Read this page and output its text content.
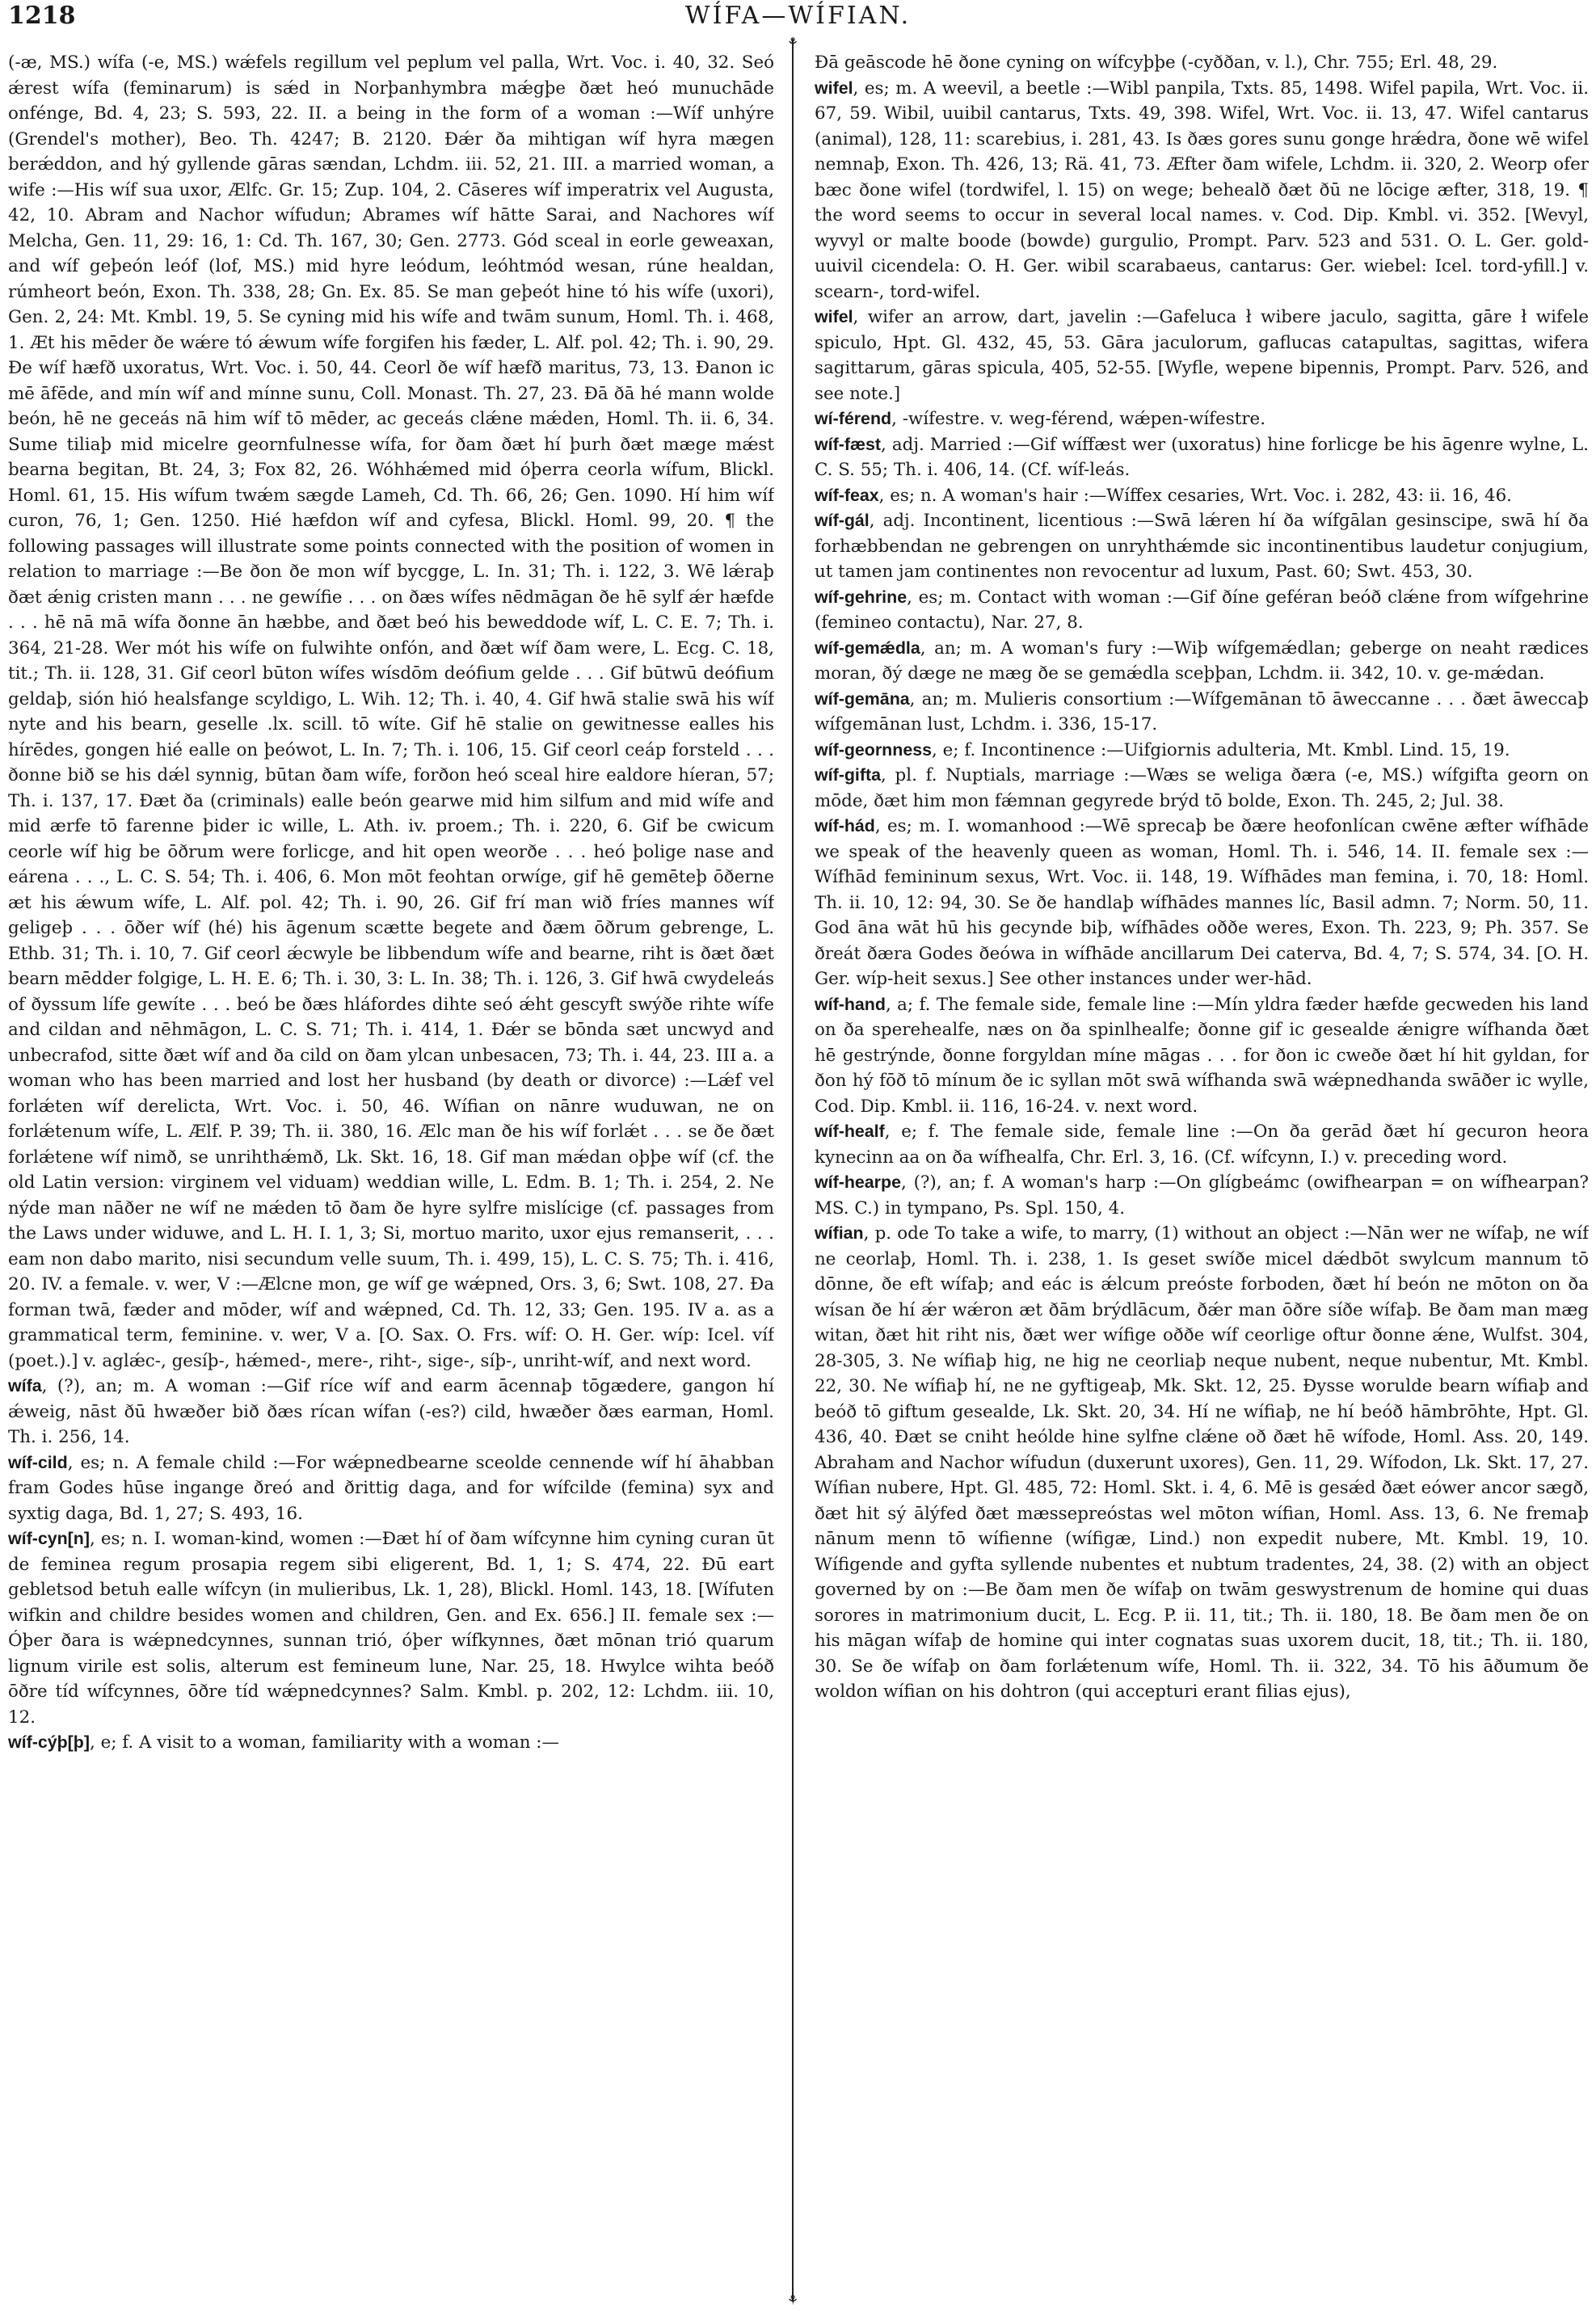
1218	WÍFA—WÍFIAN.
⚘
⚘

(-æ, MS.) wífa (-e, MS.) wǽfels regillum vel peplum vel palla, Wrt. Voc. i. 40, 32. Seó ǽrest wífa (feminarum) is sǽd in Norþanhymbra mǽgþe ðæt heó munuchāde onfénge, Bd. 4, 23; S. 593, 22. II. a being in the form of a woman :—Wíf unhýre (Grendel's mother), Beo. Th. 4247; B. 2120. Ðǽr ða mihtigan wíf hyra mægen berǽddon, and hý gyllende gāras sændan, Lchdm. iii. 52, 21. III. a married woman, a wife :—His wíf sua uxor, Ælfc. Gr. 15; Zup. 104, 2. Cāseres wíf imperatrix vel Augusta, 42, 10. Abram and Nachor wífudun; Abrames wíf hātte Sarai, and Nachores wíf Melcha, Gen. 11, 29: 16, 1: Cd. Th. 167, 30; Gen. 2773. Gód sceal in eorle geweaxan, and wíf geþeón leóf (lof, MS.) mid hyre leódum, leóhtmód wesan, rúne healdan, rúmheort beón, Exon. Th. 338, 28; Gn. Ex. 85. Se man geþeót hine tó his wífe (uxori), Gen. 2, 24: Mt. Kmbl. 19, 5. Se cyning mid his wífe and twām sunum, Homl. Th. i. 468, 1. Æt his mēder ðe wǽre tó ǽwum wífe forgifen his fæder, L. Alf. pol. 42; Th. i. 90, 29. Ðe wíf hæfð uxoratus, Wrt. Voc. i. 50, 44. Ceorl ðe wíf hæfð maritus, 73, 13. Ðanon ic mē āfēde, and mín wíf and mínne sunu, Coll. Monast. Th. 27, 23. Ðā ðā hé mann wolde beón, hē ne geceás nā him wíf tō mēder, ac geceás clǽne mǽden, Homl. Th. ii. 6, 34. Sume tiliaþ mid micelre geornfulnesse wífa, for ðam ðæt hí þurh ðæt mæge mǽst bearna begitan, Bt. 24, 3; Fox 82, 26. Wóhhǽmed mid óþerra ceorla wífum, Blickl. Homl. 61, 15. His wífum twǽm sægde Lameh, Cd. Th. 66, 26; Gen. 1090. Hí him wíf curon, 76, 1; Gen. 1250. Hié hæfdon wíf and cyfesa, Blickl. Homl. 99, 20. ¶ the following passages will illustrate some points connected with the position of women in relation to marriage :—Be ðon ðe mon wíf bycgge, L. In. 31; Th. i. 122, 3. Wē lǽraþ ðæt ǽnig cristen mann . . . ne gewífie . . . on ðæs wífes nēdmāgan ðe hē sylf ǽr hæfde . . . hē nā mā wífa ðonne ān hæbbe, and ðæt beó his beweddode wíf, L. C. E. 7; Th. i. 364, 21-28. Wer mót his wífe on fulwihte onfón, and ðæt wíf ðam were, L. Ecg. C. 18, tit.; Th. ii. 128, 31. Gif ceorl būton wífes wísdōm deófium gelde . . . Gif būtwū deófium geldaþ, sión hió healsfange scyldigo, L. Wih. 12; Th. i. 40, 4. Gif hwā stalie swā his wíf nyte and his bearn, geselle .lx. scill. tō wíte. Gif hē stalie on gewitnesse ealles his hírēdes, gongen hié ealle on þeówot, L. In. 7; Th. i. 106, 15. Gif ceorl ceáp forsteld . . . ðonne bið se his dǽl synnig, būtan ðam wífe, forðon heó sceal hire ealdore híeran, 57; Th. i. 137, 17. Ðæt ða (criminals) ealle beón gearwe mid him silfum and mid wífe and mid ærfe tō farenne þider ic wille, L. Ath. iv. proem.; Th. i. 220, 6. Gif be cwicum ceorle wíf hig be ōðrum were forlicge, and hit open weorðe . . . heó þolige nase and eárena . . ., L. C. S. 54; Th. i. 406, 6. Mon mōt feohtan orwíge, gif hē gemēteþ ōðerne æt his ǽwum wífe, L. Alf. pol. 42; Th. i. 90, 26. Gif frí man wið fríes mannes wíf geligeþ . . . ōðer wíf (hé) his āgenum scætte begete and ðæm ōðrum gebrenge, L. Ethb. 31; Th. i. 10, 7. Gif ceorl ǽcwyle be libbendum wífe and bearne, riht is ðæt ðæt bearn mēdder folgige, L. H. E. 6; Th. i. 30, 3: L. In. 38; Th. i. 126, 3. Gif hwā cwydeleás of ðyssum lífe gewíte . . . beó be ðæs hláfordes dihte seó ǽht gescyft swýðe rihte wífe and cildan and nēhmāgon, L. C. S. 71; Th. i. 414, 1. Ðǽr se bōnda sæt uncwyd and unbecrafod, sitte ðæt wíf and ða cild on ðam ylcan unbesacen, 73; Th. i. 44, 23. III a. a woman who has been married and lost her husband (by death or divorce) :—Lǽf vel forlǽten wíf derelicta, Wrt. Voc. i. 50, 46. Wífian on nānre wuduwan, ne on forlǽtenum wífe, L. Ælf. P. 39; Th. ii. 380, 16. Ælc man ðe his wíf forlǽt . . . se ðe ðæt forlǽtene wíf nimð, se unrihthǽmð, Lk. Skt. 16, 18. Gif man mǽdan oþþe wíf (cf. the old Latin version: virginem vel viduam) weddian wille, L. Edm. B. 1; Th. i. 254, 2. Ne nýde man nāðer ne wíf ne mǽden tō ðam ðe hyre sylfre mislícige (cf. passages from the Laws under widuwe, and L. H. I. 1, 3; Si, mortuo marito, uxor ejus remanserit, . . . eam non dabo marito, nisi secundum velle suum, Th. i. 499, 15), L. C. S. 75; Th. i. 416, 20. IV. a female. v. wer, V :—Ælcne mon, ge wíf ge wǽpned, Ors. 3, 6; Swt. 108, 27. Ða forman twā, fæder and mōder, wíf and wǽpned, Cd. Th. 12, 33; Gen. 195. IV a. as a grammatical term, feminine. v. wer, V a. [O. Sax. O. Frs. wíf: O. H. Ger. wíp: Icel. víf (poet.).] v. aglǽc-, gesíþ-, hǽmed-, mere-, riht-, sige-, síþ-, unriht-wíf, and next word.

wífa, (?), an; m. A woman :—Gif ríce wíf and earm ācennaþ tōgædere, gangon hí ǽweig, nāst ðū hwæðer bið ðæs rícan wífan (-es?) cild, hwæðer ðæs earman, Homl. Th. i. 256, 14.

wíf-cild, es; n. A female child :—For wǽpnedbearne sceolde cennende wíf hí āhabban fram Godes hūse ingange ðreó and ðrittig daga, and for wífcilde (femina) syx and syxtig daga, Bd. 1, 27; S. 493, 16.

wíf-cyn[n], es; n. I. woman-kind, women :—Ðæt hí of ðam wífcynne him cyning curan ūt de feminea regum prosapia regem sibi eligerent, Bd. 1, 1; S. 474, 22. Ðū eart gebletsod betuh ealle wífcyn (in mulieribus, Lk. 1, 28), Blickl. Homl. 143, 18. [Wífuten wifkin and childre besides women and children, Gen. and Ex. 656.] II. female sex :—Óþer ðara is wǽpnedcynnes, sunnan trió, óþer wífkynnes, ðæt mōnan trió quarum lignum virile est solis, alterum est femineum lune, Nar. 25, 18. Hwylce wihta beóð ōðre tíd wífcynnes, ōðre tíd wǽpnedcynnes? Salm. Kmbl. p. 202, 12: Lchdm. iii. 10, 12.

wíf-cýþ[þ], e; f. A visit to a woman, familiarity with a woman :—

Ðā geāscode hē ðone cyning on wífcyþþe (-cyððan, v. l.), Chr. 755; Erl. 48, 29.

wifel, es; m. A weevil, a beetle :—Wibl panpila, Txts. 85, 1498. Wifel papila, Wrt. Voc. ii. 67, 59. Wibil, uuibil cantarus, Txts. 49, 398. Wifel, Wrt. Voc. ii. 13, 47. Wifel cantarus (animal), 128, 11: scarebius, i. 281, 43. Is ðæs gores sunu gonge hrǽdra, ðone wē wifel nemnaþ, Exon. Th. 426, 13; Rä. 41, 73. Æfter ðam wifele, Lchdm. ii. 320, 2. Weorp ofer bæc ðone wifel (tordwifel, l. 15) on wege; behealð ðæt ðū ne lōcige æfter, 318, 19. ¶ the word seems to occur in several local names. v. Cod. Dip. Kmbl. vi. 352. [Wevyl, wyvyl or malte boode (bowde) gurgulio, Prompt. Parv. 523 and 531. O. L. Ger. gold-uuivil cicendela: O. H. Ger. wibil scarabaeus, cantarus: Ger. wiebel: Icel. tord-yfill.] v. scearn-, tord-wifel.

wifel, wifer an arrow, dart, javelin :—Gafeluca ł wibere jaculo, sagitta, gāre ł wifele spiculo, Hpt. Gl. 432, 45, 53. Gāra jaculorum, gaflucas catapultas, sagittas, wifera sagittarum, gāras spicula, 405, 52-55. [Wyfle, wepene bipennis, Prompt. Parv. 526, and see note.]

wí-férend, -wífestre. v. weg-férend, wǽpen-wífestre.

wíf-fæst, adj. Married :—Gif wíffæst wer (uxoratus) hine forlicge be his āgenre wylne, L. C. S. 55; Th. i. 406, 14. (Cf. wíf-leás.

wíf-feax, es; n. A woman's hair :—Wíffex cesaries, Wrt. Voc. i. 282, 43: ii. 16, 46.

wíf-gál, adj. Incontinent, licentious :—Swā lǽren hí ða wífgālan gesinscipe, swā hí ða forhæbbendan ne gebrengen on unryhthǽmde sic incontinentibus laudetur conjugium, ut tamen jam continentes non revocentur ad luxum, Past. 60; Swt. 453, 30.

wíf-gehrine, es; m. Contact with woman :—Gif ðíne geféran beóð clǽne from wífgehrine (femineo contactu), Nar. 27, 8.

wíf-gemǽdla, an; m. A woman's fury :—Wiþ wífgemǽdlan; geberge on neaht rædices moran, ðý dæge ne mæg ðe se gemǽdla sceþþan, Lchdm. ii. 342, 10. v. ge-mǽdan.

wíf-gemāna, an; m. Mulieris consortium :—Wífgemānan tō āweccanne . . . ðæt āweccaþ wífgemānan lust, Lchdm. i. 336, 15-17.

wíf-geornness, e; f. Incontinence :—Uifgiornis adulteria, Mt. Kmbl. Lind. 15, 19.

wíf-gifta, pl. f. Nuptials, marriage :—Wæs se weliga ðæra (-e, MS.) wífgifta georn on mōde, ðæt him mon fǽmnan gegyrede brýd tō bolde, Exon. Th. 245, 2; Jul. 38.

wíf-hád, es; m. I. womanhood :—Wē sprecaþ be ðære heofonlícan cwēne æfter wífhāde we speak of the heavenly queen as woman, Homl. Th. i. 546, 14. II. female sex :—Wífhād femininum sexus, Wrt. Voc. ii. 148, 19. Wífhādes man femina, i. 70, 18: Homl. Th. ii. 10, 12: 94, 30. Se ðe handlaþ wífhādes mannes líc, Basil admn. 7; Norm. 50, 11. God āna wāt hū his gecynde biþ, wífhādes oððe weres, Exon. Th. 223, 9; Ph. 357. Se ðreát ðæra Godes ðeówa in wífhāde ancillarum Dei caterva, Bd. 4, 7; S. 574, 34. [O. H. Ger. wíp-heit sexus.] See other instances under wer-hād.

wíf-hand, a; f. The female side, female line :—Mín yldra fæder hæfde gecweden his land on ða sperehealfe, næs on ða spinlhealfe; ðonne gif ic gesealde ǽnigre wífhanda ðæt hē gestrýnde, ðonne forgyldan míne māgas . . . for ðon ic cweðe ðæt hí hit gyldan, for ðon hý fōð tō mínum ðe ic syllan mōt swā wífhanda swā wǽpnedhanda swāðer ic wylle, Cod. Dip. Kmbl. ii. 116, 16-24. v. next word.

wíf-healf, e; f. The female side, female line :—On ða gerād ðæt hí gecuron heora kynecinn aa on ða wífhealfa, Chr. Erl. 3, 16. (Cf. wífcynn, I.) v. preceding word.

wíf-hearpe, (?), an; f. A woman's harp :—On glígbeámc (owifhearpan = on wífhearpan? MS. C.) in tympano, Ps. Spl. 150, 4.

wífian, p. ode To take a wife, to marry, (1) without an object :—Nān wer ne wífaþ, ne wíf ne ceorlaþ, Homl. Th. i. 238, 1. Is geset swíðe micel dǽdbōt swylcum mannum tō dōnne, ðe eft wífaþ; and eác is ǽlcum preóste forboden, ðæt hí beón ne mōton on ða wísan ðe hí ǽr wǽron æt ðām brýdlācum, ðǽr man ōðre síðe wífaþ. Be ðam man mæg witan, ðæt hit riht nis, ðæt wer wífige oððe wíf ceorlige oftur ðonne ǽne, Wulfst. 304, 28-305, 3. Ne wífiaþ hig, ne hig ne ceorliaþ neque nubent, neque nubentur, Mt. Kmbl. 22, 30. Ne wífiaþ hí, ne ne gyftigeaþ, Mk. Skt. 12, 25. Ðysse worulde bearn wífiaþ and beóð tō giftum gesealde, Lk. Skt. 20, 34. Hí ne wífiaþ, ne hí beóð hāmbrōhte, Hpt. Gl. 436, 40. Ðæt se cniht heólde hine sylfne clǽne oð ðæt hē wífode, Homl. Ass. 20, 149. Abraham and Nachor wífudun (duxerunt uxores), Gen. 11, 29. Wífodon, Lk. Skt. 17, 27. Wífian nubere, Hpt. Gl. 485, 72: Homl. Skt. i. 4, 6. Mē is gesǽd ðæt eówer ancor sægð, ðæt hit sý ālýfed ðæt mæssepreóstas wel mōton wífian, Homl. Ass. 13, 6. Ne fremaþ nānum menn tō wífienne (wífigæ, Lind.) non expedit nubere, Mt. Kmbl. 19, 10. Wífigende and gyfta syllende nubentes et nubtum tradentes, 24, 38. (2) with an object governed by on :—Be ðam men ðe wífaþ on twām geswystrenum de homine qui duas sorores in matrimonium ducit, L. Ecg. P. ii. 11, tit.; Th. ii. 180, 18. Be ðam men ðe on his māgan wífaþ de homine qui inter cognatas suas uxorem ducit, 18, tit.; Th. ii. 180, 30. Se ðe wífaþ on ðam forlǽtenum wífe, Homl. Th. ii. 322, 34. Tō his āðumum ðe woldon wífian on his dohtron (qui accepturi erant filias ejus),
